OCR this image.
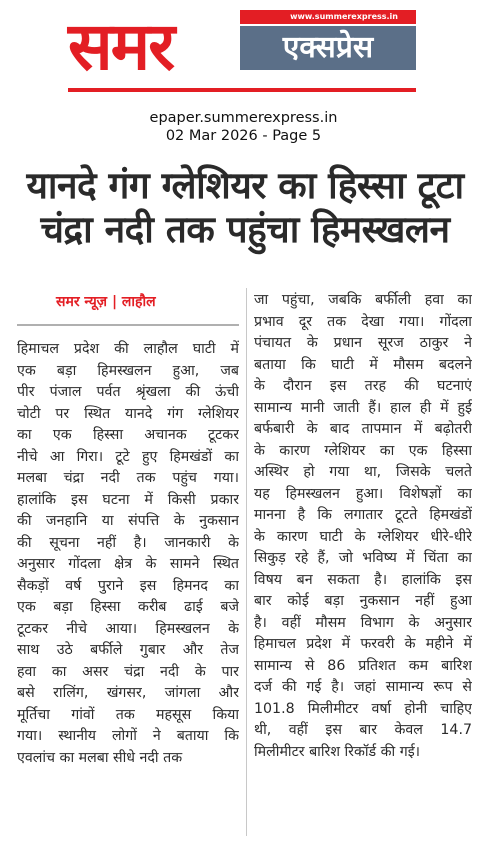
समर	www.summerexpress.in
एक्सप्रेस
epaper.summerexpress.in
02 Mar 2026 - Page 5
यानदे गंग ग्लेशियर का हिस्सा टूटा
चंद्रा नदी तक पहुंचा हिमस्खलन
समर न्यूज़ | लाहौल
हिमाचल प्रदेश की लाहौल घाटी में
एक बड़ा हिमस्खलन हुआ, जब
पीर पंजाल पर्वत श्रृंखला की ऊंची
चोटी पर स्थित यानदे गंग ग्लेशियर
का एक हिस्सा अचानक टूटकर
नीचे आ गिरा। टूटे हुए हिमखंडों का
मलबा चंद्रा नदी तक पहुंच गया।
हालांकि इस घटना में किसी प्रकार
की जनहानि या संपत्ति के नुकसान
की सूचना नहीं है। जानकारी के
अनुसार गोंदला क्षेत्र के सामने स्थित
सैकड़ों वर्ष पुराने इस हिमनद का
एक बड़ा हिस्सा करीब ढाई बजे
टूटकर नीचे आया। हिमस्खलन के
साथ उठे बर्फीले गुबार और तेज
हवा का असर चंद्रा नदी के पार
बसे रालिंग, खंगसर, जांगला और
मूर्तिचा गांवों तक महसूस किया
गया। स्थानीय लोगों ने बताया कि
एवलांच का मलबा सीधे नदी तक
जा पहुंचा, जबकि बर्फीली हवा का
प्रभाव दूर तक देखा गया। गोंदला
पंचायत के प्रधान सूरज ठाकुर ने
बताया कि घाटी में मौसम बदलने
के दौरान इस तरह की घटनाएं
सामान्य मानी जाती हैं। हाल ही में हुई
बर्फबारी के बाद तापमान में बढ़ोतरी
के कारण ग्लेशियर का एक हिस्सा
अस्थिर हो गया था, जिसके चलते
यह हिमस्खलन हुआ। विशेषज्ञों का
मानना है कि लगातार टूटते हिमखंडों
के कारण घाटी के ग्लेशियर धीरे-धीरे
सिकुड़ रहे हैं, जो भविष्य में चिंता का
विषय बन सकता है। हालांकि इस
बार कोई बड़ा नुकसान नहीं हुआ
है। वहीं मौसम विभाग के अनुसार
हिमाचल प्रदेश में फरवरी के महीने में
सामान्य से 86 प्रतिशत कम बारिश
दर्ज की गई है। जहां सामान्य रूप से
101.8 मिलीमीटर वर्षा होनी चाहिए
थी, वहीं इस बार केवल 14.7
मिलीमीटर बारिश रिकॉर्ड की गई।
